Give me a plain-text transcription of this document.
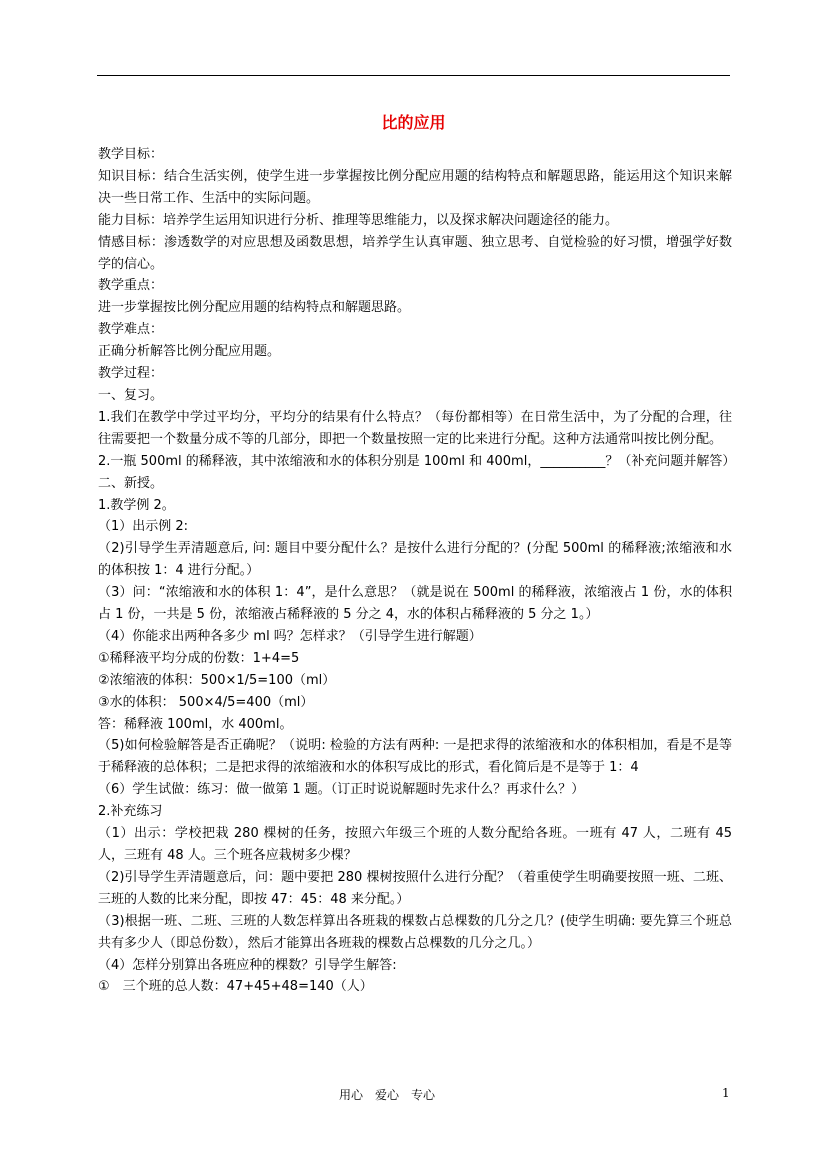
比的应用

教学目标：

知识目标：结合生活实例，使学生进一步掌握按比例分配应用题的结构特点和解题思路，能运用这个知识来解决一些日常工作、生活中的实际问题。

能力目标：培养学生运用知识进行分析、推理等思维能力，以及探求解决问题途径的能力。

情感目标：渗透数学的对应思想及函数思想，培养学生认真审题、独立思考、自觉检验的好习惯，增强学好数学的信心。

教学重点：

进一步掌握按比例分配应用题的结构特点和解题思路。

教学难点：

正确分析解答比例分配应用题。

教学过程：

一、复习。

1.我们在教学中学过平均分，平均分的结果有什么特点？（每份都相等）在日常生活中，为了分配的合理，往往需要把一个数量分成不等的几部分，即把一个数量按照一定的比来进行分配。这种方法通常叫按比例分配。

2.一瓶 500ml 的稀释液，其中浓缩液和水的体积分别是 100ml 和 400ml，__________？（补充问题并解答）

二、新授。

1.教学例 2。

（1）出示例 2:

（2)引导学生弄清题意后, 问: 题目中要分配什么？是按什么进行分配的？(分配 500ml 的稀释液;浓缩液和水的体积按 1：4 进行分配。）

（3）问：“浓缩液和水的体积 1：4”，是什么意思？（就是说在 500ml 的稀释液，浓缩液占 1 份，水的体积占 1 份，一共是 5 份，浓缩液占稀释液的 5 分之 4，水的体积占稀释液的 5 分之 1。）

（4）你能求出两种各多少 ml 吗？怎样求？（引导学生进行解题）

①稀释液平均分成的份数：1+4=5

②浓缩液的体积：500×1/5=100（ml）

③水的体积： 500×4/5=400（ml）

答：稀释液 100ml，水 400ml。

（5)如何检验解答是否正确呢？（说明: 检验的方法有两种: 一是把求得的浓缩液和水的体积相加，看是不是等于稀释液的总体积；二是把求得的浓缩液和水的体积写成比的形式，看化简后是不是等于 1：4

（6）学生试做：练习：做一做第 1 题。（订正时说说解题时先求什么？再求什么？）

2.补充练习

（1）出示：学校把栽 280 棵树的任务，按照六年级三个班的人数分配给各班。一班有 47 人，二班有 45 人，三班有 48 人。三个班各应栽树多少棵？

（2)引导学生弄清题意后，问：题中要把 280 棵树按照什么进行分配？（着重使学生明确要按照一班、二班、三班的人数的比来分配，即按 47：45：48 来分配。）

（3)根据一班、二班、三班的人数怎样算出各班栽的棵数占总棵数的几分之几？(使学生明确: 要先算三个班总共有多少人（即总份数），然后才能算出各班栽的棵数占总棵数的几分之几。）

（4）怎样分别算出各班应种的棵数？引导学生解答:

①　三个班的总人数：47+45+48=140（人）

用心　爱心　专心	1
